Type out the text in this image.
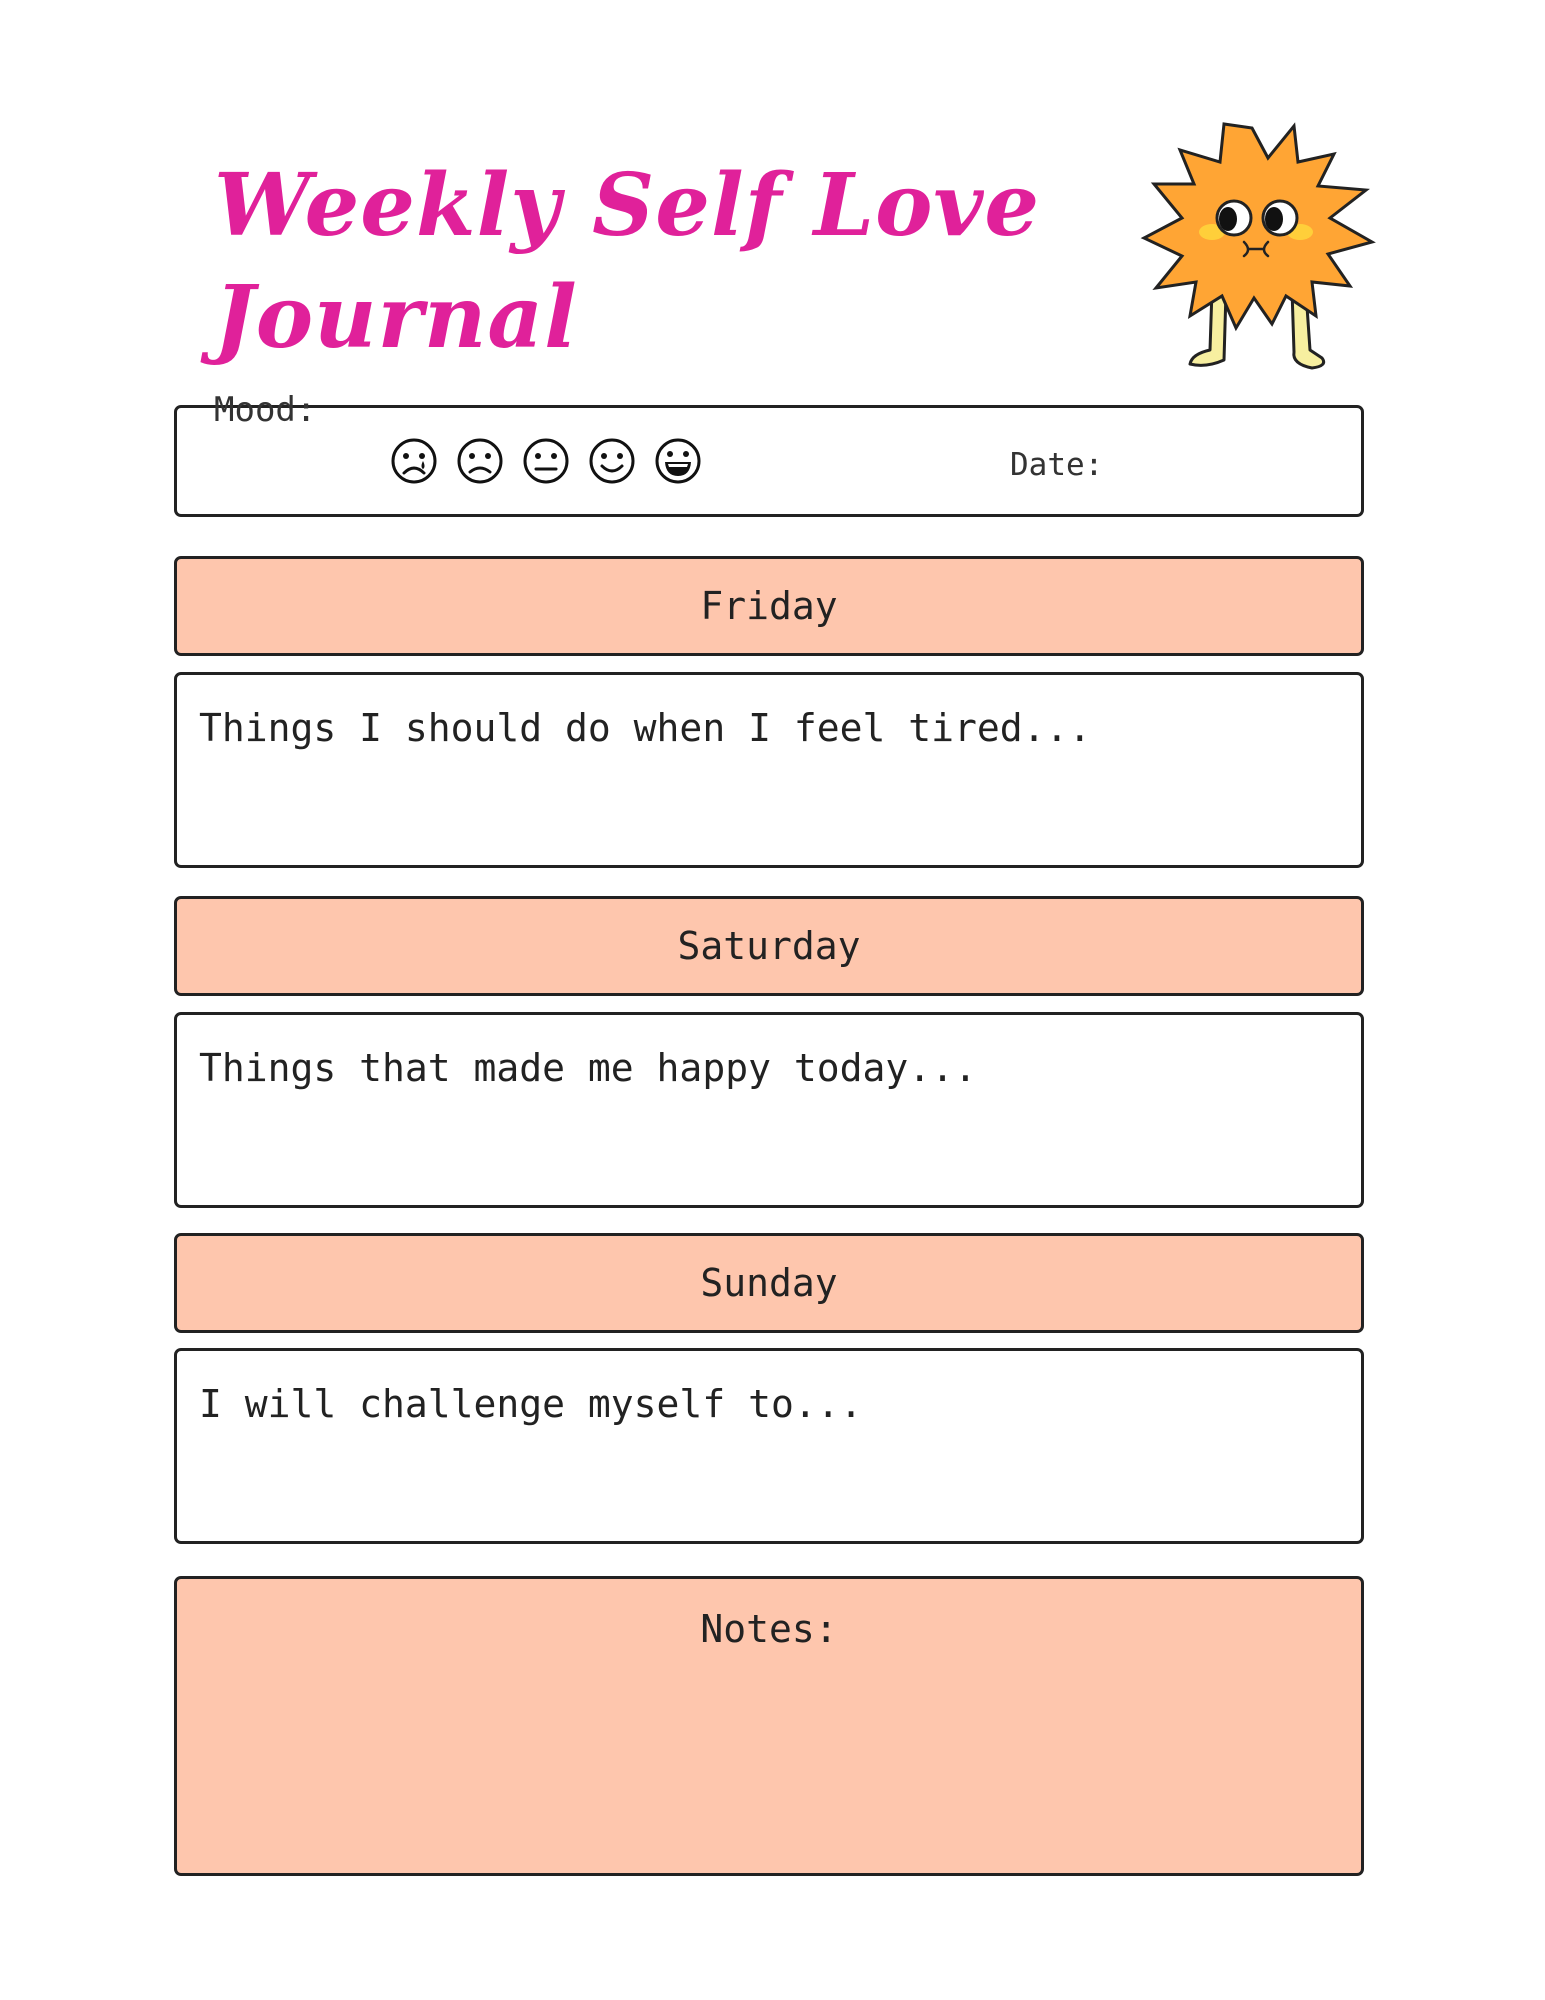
Weekly Self Love Journal
Mood:
Date:
Friday
Things I should do when I feel tired...
Saturday
Things that made me happy today...
Sunday
I will challenge myself to...
Notes:
